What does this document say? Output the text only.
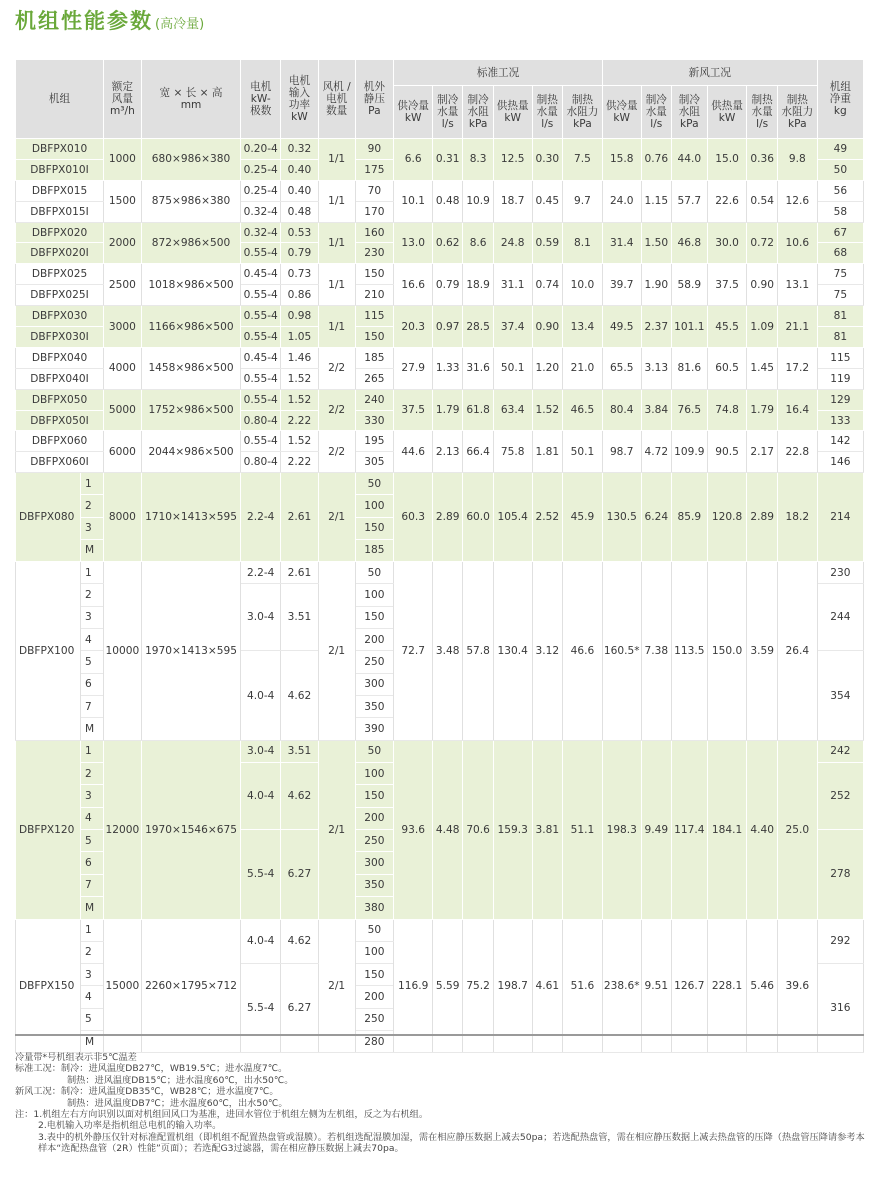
机组性能参数 (高冷量)
机组		额定
风量
m³/h	宽 × 长 × 高
mm	电机
kW-
极数	电机
输入
功率
kW	风机 /
电机
数量	机外
静压
Pa	标准工况						新风工况						机组
净重
kg
								供冷量
kW	制冷
水量
l/s	制冷
水阻
kPa	供热量
kW	制热
水量
l/s	制热
水阻力
kPa	供冷量
kW	制冷
水量
l/s	制冷
水阻
kPa	供热量
kW	制热
水量
l/s	制热
水阻力
kPa	
DBFPX010		1000	680×986×380	0.20-4	0.32	1/1	90	6.6	0.31	8.3	12.5	0.30	7.5	15.8	0.76	44.0	15.0	0.36	9.8	49
DBFPX010I				0.25-4	0.40		175													50
DBFPX015		1500	875×986×380	0.25-4	0.40	1/1	70	10.1	0.48	10.9	18.7	0.45	9.7	24.0	1.15	57.7	22.6	0.54	12.6	56
DBFPX015I				0.32-4	0.48		170													58
DBFPX020		2000	872×986×500	0.32-4	0.53	1/1	160	13.0	0.62	8.6	24.8	0.59	8.1	31.4	1.50	46.8	30.0	0.72	10.6	67
DBFPX020I				0.55-4	0.79		230													68
DBFPX025		2500	1018×986×500	0.45-4	0.73	1/1	150	16.6	0.79	18.9	31.1	0.74	10.0	39.7	1.90	58.9	37.5	0.90	13.1	75
DBFPX025I				0.55-4	0.86		210													75
DBFPX030		3000	1166×986×500	0.55-4	0.98	1/1	115	20.3	0.97	28.5	37.4	0.90	13.4	49.5	2.37	101.1	45.5	1.09	21.1	81
DBFPX030I				0.55-4	1.05		150													81
DBFPX040		4000	1458×986×500	0.45-4	1.46	2/2	185	27.9	1.33	31.6	50.1	1.20	21.0	65.5	3.13	81.6	60.5	1.45	17.2	115
DBFPX040I				0.55-4	1.52		265													119
DBFPX050		5000	1752×986×500	0.55-4	1.52	2/2	240	37.5	1.79	61.8	63.4	1.52	46.5	80.4	3.84	76.5	74.8	1.79	16.4	129
DBFPX050I				0.80-4	2.22		330													133
DBFPX060		6000	2044×986×500	0.55-4	1.52	2/2	195	44.6	2.13	66.4	75.8	1.81	50.1	98.7	4.72	109.9	90.5	2.17	22.8	142
DBFPX060I				0.80-4	2.22		305													146
DBFPX080	1	8000	1710×1413×595	2.2-4	2.61	2/1	50	60.3	2.89	60.0	105.4	2.52	45.9	130.5	6.24	85.9	120.8	2.89	18.2	214
	2						100													
	3						150													
	M						185													
DBFPX100	1	10000	1970×1413×595	2.2-4	2.61	2/1	50	72.7	3.48	57.8	130.4	3.12	46.6	160.5*	7.38	113.5	150.0	3.59	26.4	230
	2			3.0-4	3.51		100													244
	3						150													
	4						200													
	5			4.0-4	4.62		250													354
	6						300													
	7						350													
	M						390													
DBFPX120	1	12000	1970×1546×675	3.0-4	3.51	2/1	50	93.6	4.48	70.6	159.3	3.81	51.1	198.3	9.49	117.4	184.1	4.40	25.0	242
	2			4.0-4	4.62		100													252
	3						150													
	4						200													
	5			5.5-4	6.27		250													278
	6						300													
	7						350													
	M						380													
DBFPX150	1	15000	2260×1795×712	4.0-4	4.62	2/1	50	116.9	5.59	75.2	198.7	4.61	51.6	238.6*	9.51	126.7	228.1	5.46	39.6	292
	2						100													
	3			5.5-4	6.27		150													316
	4						200													
	5						250													
	M						280													
冷量带*号机组表示非5℃温差
标准工况：制冷：进风温度DB27℃，WB19.5℃；进水温度7℃。
制热：进风温度DB15℃；进水温度60℃，出水50℃。
新风工况：制冷：进风温度DB35℃，WB28℃；进水温度7℃。
制热：进风温度DB7℃；进水温度60℃，出水50℃。
注：1.机组左右方向识别以面对机组回风口为基准，进回水管位于机组左侧为左机组，反之为右机组。
2.电机输入功率是指机组总电机的输入功率。
3.表中的机外静压仅针对标准配置机组（即机组不配置热盘管或湿膜）。若机组选配湿膜加湿，需在相应静压数据上减去50pa；若选配热盘管，需在相应静压数据上减去热盘管的压降（热盘管压降请参考本样本“选配热盘管（2R）性能”页面）；若选配G3过滤器，需在相应静压数据上减去70pa。
